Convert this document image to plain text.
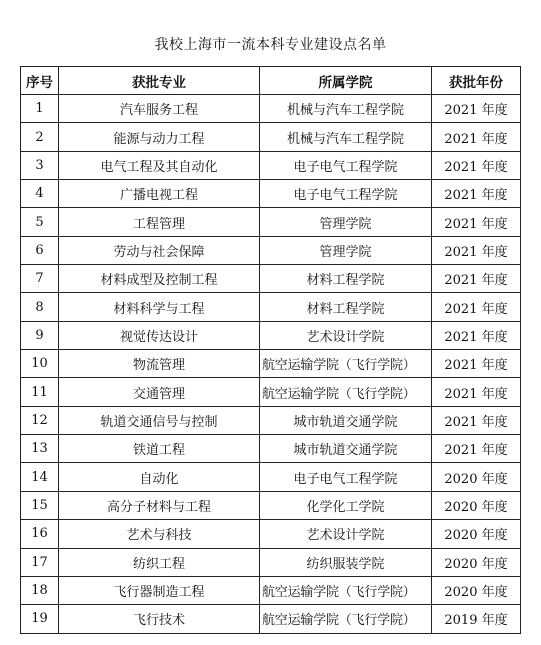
我校上海市一流本科专业建设点名单
序号	获批专业	所属学院	获批年份
1	汽车服务工程	机械与汽车工程学院	2021 年度
2	能源与动力工程	机械与汽车工程学院	2021 年度
3	电气工程及其自动化	电子电气工程学院	2021 年度
4	广播电视工程	电子电气工程学院	2021 年度
5	工程管理	管理学院	2021 年度
6	劳动与社会保障	管理学院	2021 年度
7	材料成型及控制工程	材料工程学院	2021 年度
8	材料科学与工程	材料工程学院	2021 年度
9	视觉传达设计	艺术设计学院	2021 年度
10	物流管理	航空运输学院（飞行学院）	2021 年度
11	交通管理	航空运输学院（飞行学院）	2021 年度
12	轨道交通信号与控制	城市轨道交通学院	2021 年度
13	铁道工程	城市轨道交通学院	2021 年度
14	自动化	电子电气工程学院	2020 年度
15	高分子材料与工程	化学化工学院	2020 年度
16	艺术与科技	艺术设计学院	2020 年度
17	纺织工程	纺织服装学院	2020 年度
18	飞行器制造工程	航空运输学院（飞行学院）	2020 年度
19	飞行技术	航空运输学院（飞行学院）	2019 年度
